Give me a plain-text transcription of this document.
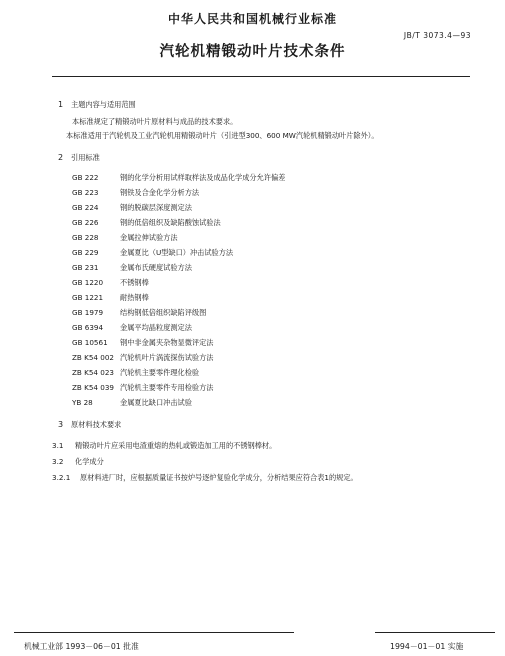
中华人民共和国机械行业标准
JB/T 3073.4—93
汽轮机精锻动叶片技术条件
1 主题内容与适用范围
本标准规定了精锻动叶片原材料与成品的技术要求。
本标准适用于汽轮机及工业汽轮机用精锻动叶片（引进型300、600 MW汽轮机精锻动叶片除外）。
2 引用标准
GB 222	钢的化学分析用试样取样法及成品化学成分允许偏差
GB 223	钢铁及合金化学分析方法
GB 224	钢的脱碳层深度测定法
GB 226	钢的低倍组织及缺陷酸蚀试验法
GB 228	金属拉伸试验方法
GB 229	金属夏比（U型缺口）冲击试验方法
GB 231	金属布氏硬度试验方法
GB 1220 不锈钢棒
GB 1221 耐热钢棒
GB 1979 结构钢低倍组织缺陷评级图
GB 6394 金属平均晶粒度测定法
GB 10561 钢中非金属夹杂物显微评定法
ZB K54 002 汽轮机叶片涡流探伤试验方法
ZB K54 023 汽轮机主要零件理化检验
ZB K54 039 汽轮机主要零件专用检验方法
YB 28	金属夏比缺口冲击试验
3 原材料技术要求
3.1 精锻动叶片应采用电渣重熔的热轧或锻造加工用的不锈钢棒材。
3.2 化学成分
3.2.1 原材料进厂时，应根据质量证书按炉号逐炉复验化学成分，分析结果应符合表1的规定。
机械工业部 1993－06－01 批准	1994－01－01 实施
